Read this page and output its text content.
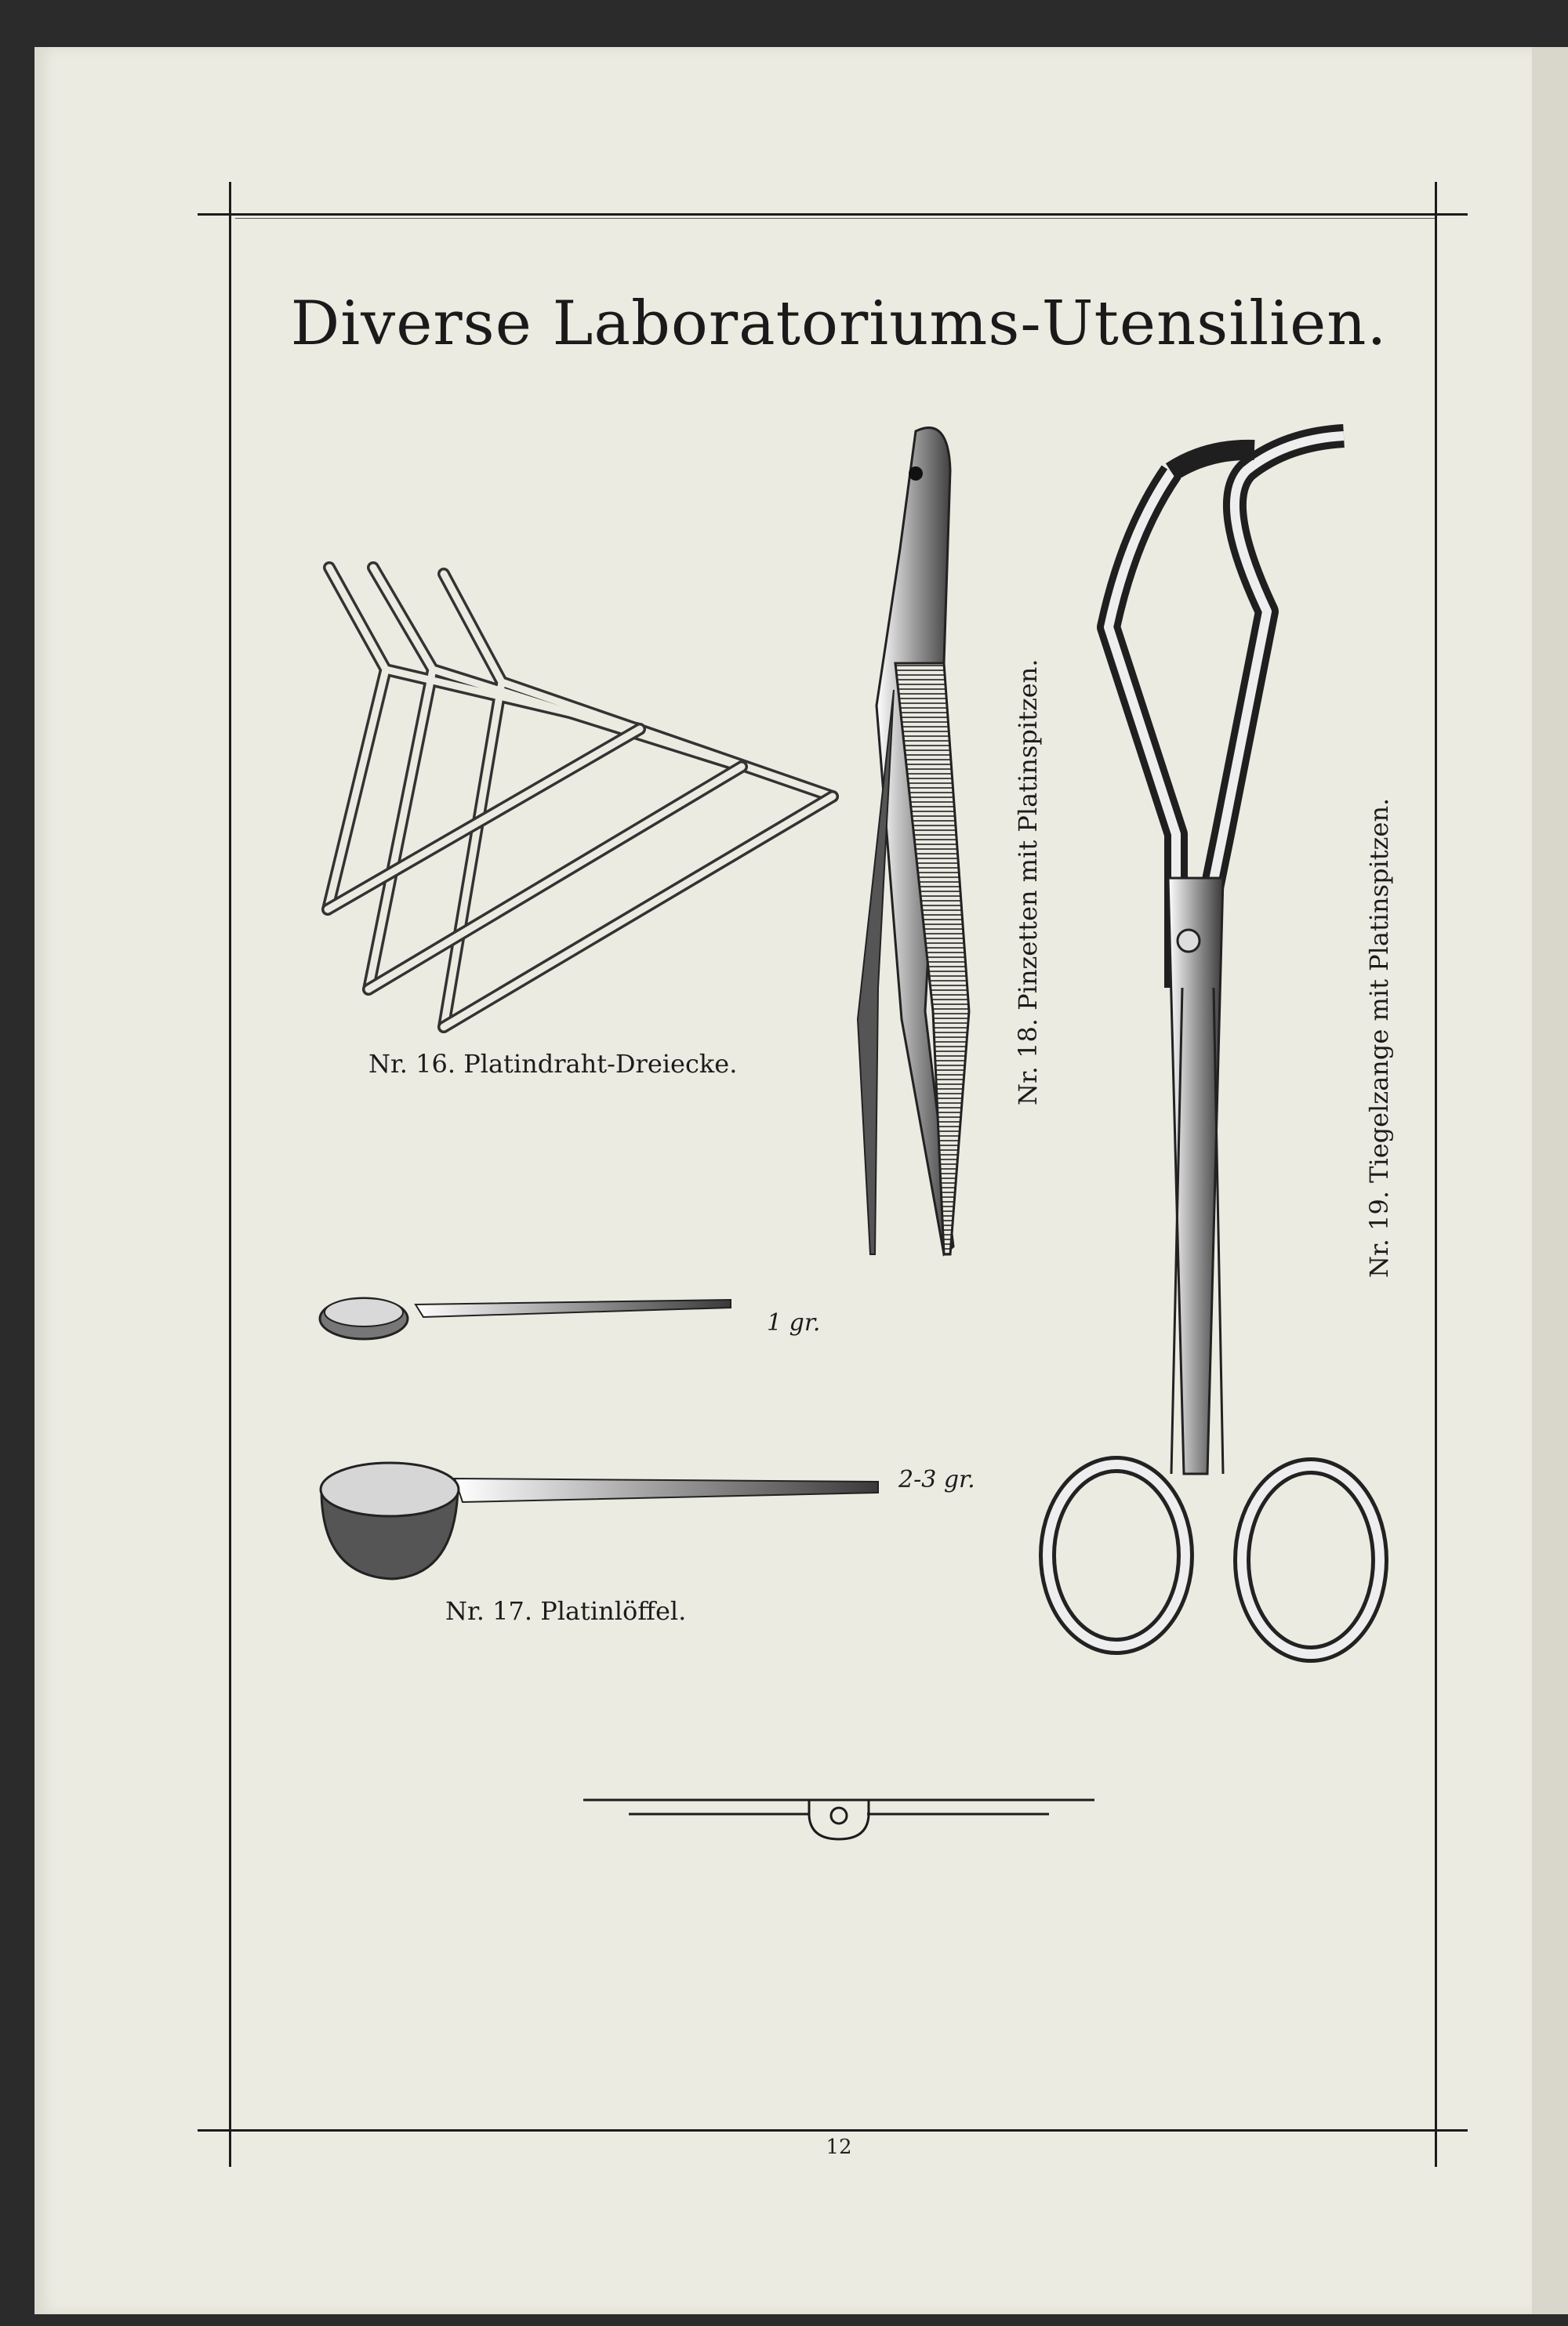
Diverse Laboratoriums-Utensilien.
Nr. 16. Platindraht-Dreiecke.
Nr. 17. Platinlöffel.
Nr. 18. Pinzetten mit Platinspitzen.	Nr. 19. Tiegelzange mit Platinspitzen.
1 gr.
2-3 gr.
12
